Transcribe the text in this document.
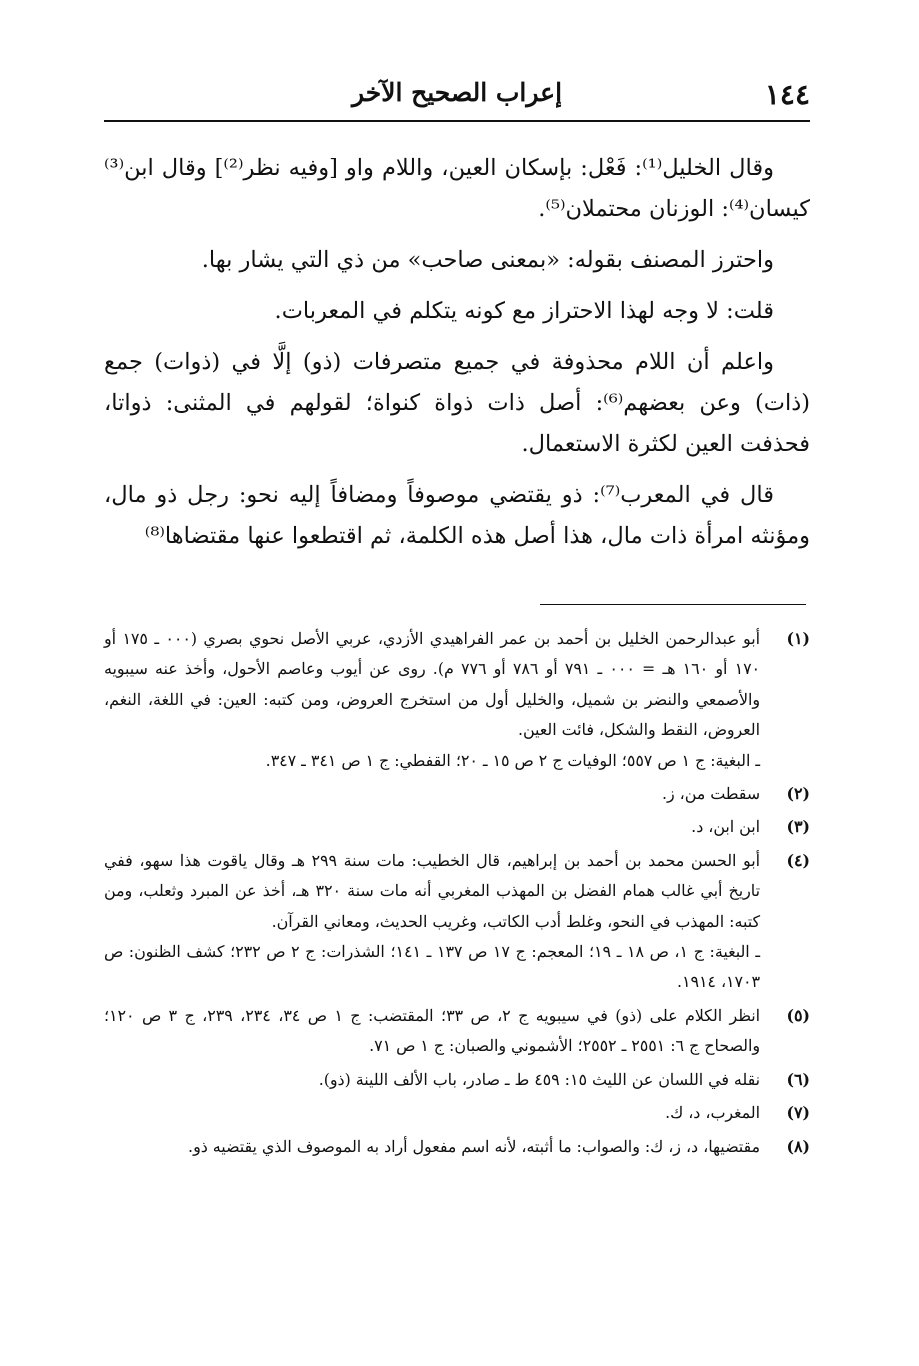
١٤٤
إعراب الصحيح الآخر

وقال الخليل⁽¹⁾: فَعْل: بإسكان العين، واللام واو [وفيه نظر⁽²⁾] وقال ابن⁽³⁾ كيسان⁽⁴⁾: الوزنان محتملان⁽⁵⁾.

واحترز المصنف بقوله: «بمعنى صاحب» من ذي التي يشار بها.

قلت: لا وجه لهذا الاحتراز مع كونه يتكلم في المعربات.

واعلم أن اللام محذوفة في جميع متصرفات (ذو) إلَّا في (ذوات) جمع (ذات) وعن بعضهم⁽⁶⁾: أصل ذات ذواة كنواة؛ لقولهم في المثنى: ذواتا، فحذفت العين لكثرة الاستعمال.

قال في المعرب⁽⁷⁾: ذو يقتضي موصوفاً ومضافاً إليه نحو: رجل ذو مال، ومؤنثه امرأة ذات مال، هذا أصل هذه الكلمة، ثم اقتطعوا عنها مقتضاها⁽⁸⁾

(١)
أبو عبدالرحمن الخليل بن أحمد بن عمر الفراهيدي الأزدي، عربي الأصل نحوي بصري (٠٠٠ ـ ١٧٥ أو ١٧٠ أو ١٦٠ هـ = ٠٠٠ ـ ٧٩١ أو ٧٨٦ أو ٧٧٦ م). روى عن أيوب وعاصم الأحول، وأخذ عنه سيبويه والأصمعي والنضر بن شميل، والخليل أول من استخرج العروض، ومن كتبه: العين: في اللغة، النغم، العروض، النقط والشكل، فائت العين.
ـ البغية: ج ١ ص ٥٥٧؛ الوفيات ج ٢ ص ١٥ ـ ٢٠؛ القفطي: ج ١ ص ٣٤١ ـ ٣٤٧.
(٢)
سقطت من، ز.
(٣)
ابن ابن، د.
(٤)
أبو الحسن محمد بن أحمد بن إبراهيم، قال الخطيب: مات سنة ٢٩٩ هـ وقال ياقوت هذا سهو، ففي تاريخ أبي غالب همام الفضل بن المهذب المغربي أنه مات سنة ٣٢٠ هـ، أخذ عن المبرد وثعلب، ومن كتبه: المهذب في النحو، وغلط أدب الكاتب، وغريب الحديث، ومعاني القرآن.
ـ البغية: ج ١، ص ١٨ ـ ١٩؛ المعجم: ج ١٧ ص ١٣٧ ـ ١٤١؛ الشذرات: ج ٢ ص ٢٣٢؛ كشف الظنون: ص ١٧٠٣، ١٩١٤.
(٥)
انظر الكلام على (ذو) في سيبويه ج ٢، ص ٣٣؛ المقتضب: ج ١ ص ٣٤، ٢٣٤، ٢٣٩، ج ٣ ص ١٢٠؛ والصحاح ج ٦: ٢٥٥١ ـ ٢٥٥٢؛ الأشموني والصبان: ج ١ ص ٧١.
(٦)
نقله في اللسان عن الليث ١٥: ٤٥٩ ط ـ صادر، باب الألف اللينة (ذو).
(٧)
المغرب، د، ك.
(٨)
مقتضيها، د، ز، ك: والصواب: ما أثبته، لأنه اسم مفعول أراد به الموصوف الذي يقتضيه ذو.
